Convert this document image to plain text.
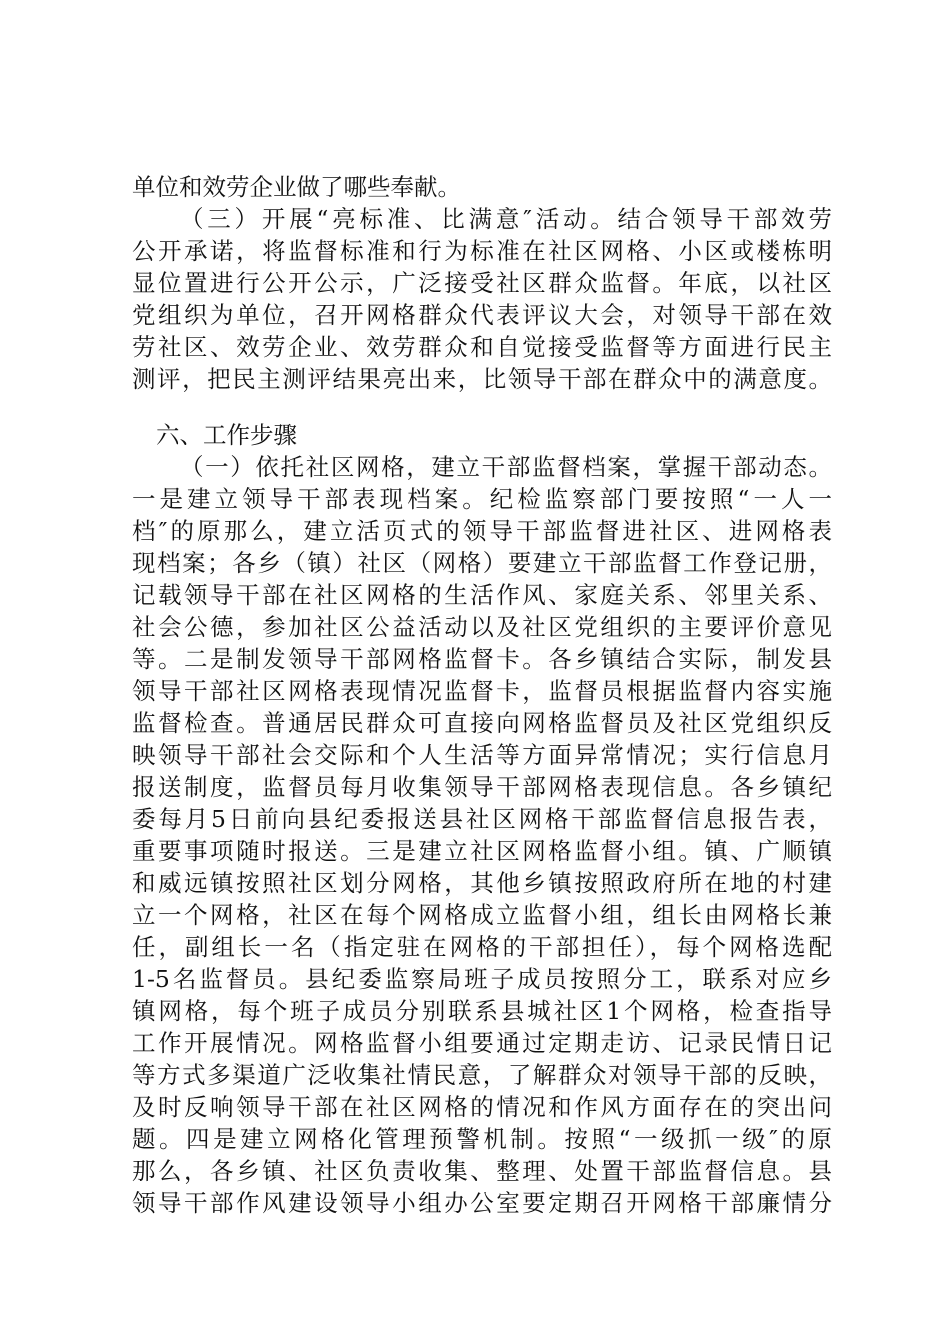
单位和效劳企业做了哪些奉献。
（三）开展“亮标准、比满意″活动。结合领导干部效劳
公开承诺，将监督标准和行为标准在社区网格、小区或楼栋明
显位置进行公开公示，广泛接受社区群众监督。年底，以社区
党组织为单位，召开网格群众代表评议大会，对领导干部在效
劳社区、效劳企业、效劳群众和自觉接受监督等方面进行民主
测评，把民主测评结果亮出来，比领导干部在群众中的满意度。
六、工作步骤
（一）依托社区网格，建立干部监督档案，掌握干部动态。
一是建立领导干部表现档案。纪检监察部门要按照“一人一
档″的原那么，建立活页式的领导干部监督进社区、进网格表
现档案；各乡（镇）社区（网格）要建立干部监督工作登记册，
记载领导干部在社区网格的生活作风、家庭关系、邻里关系、
社会公德，参加社区公益活动以及社区党组织的主要评价意见
等。二是制发领导干部网格监督卡。各乡镇结合实际，制发县
领导干部社区网格表现情况监督卡，监督员根据监督内容实施
监督检查。普通居民群众可直接向网格监督员及社区党组织反
映领导干部社会交际和个人生活等方面异常情况；实行信息月
报送制度，监督员每月收集领导干部网格表现信息。各乡镇纪
委每月5日前向县纪委报送县社区网格干部监督信息报告表，
重要事项随时报送。三是建立社区网格监督小组。镇、广顺镇
和威远镇按照社区划分网格，其他乡镇按照政府所在地的村建
立一个网格，社区在每个网格成立监督小组，组长由网格长兼
任，副组长一名（指定驻在网格的干部担任），每个网格选配
1-5名监督员。县纪委监察局班子成员按照分工，联系对应乡
镇网格，每个班子成员分别联系县城社区1个网格，检查指导
工作开展情况。网格监督小组要通过定期走访、记录民情日记
等方式多渠道广泛收集社情民意，了解群众对领导干部的反映，
及时反响领导干部在社区网格的情况和作风方面存在的突出问
题。四是建立网格化管理预警机制。按照“一级抓一级″的原
那么，各乡镇、社区负责收集、整理、处置干部监督信息。县
领导干部作风建设领导小组办公室要定期召开网格干部廉情分
